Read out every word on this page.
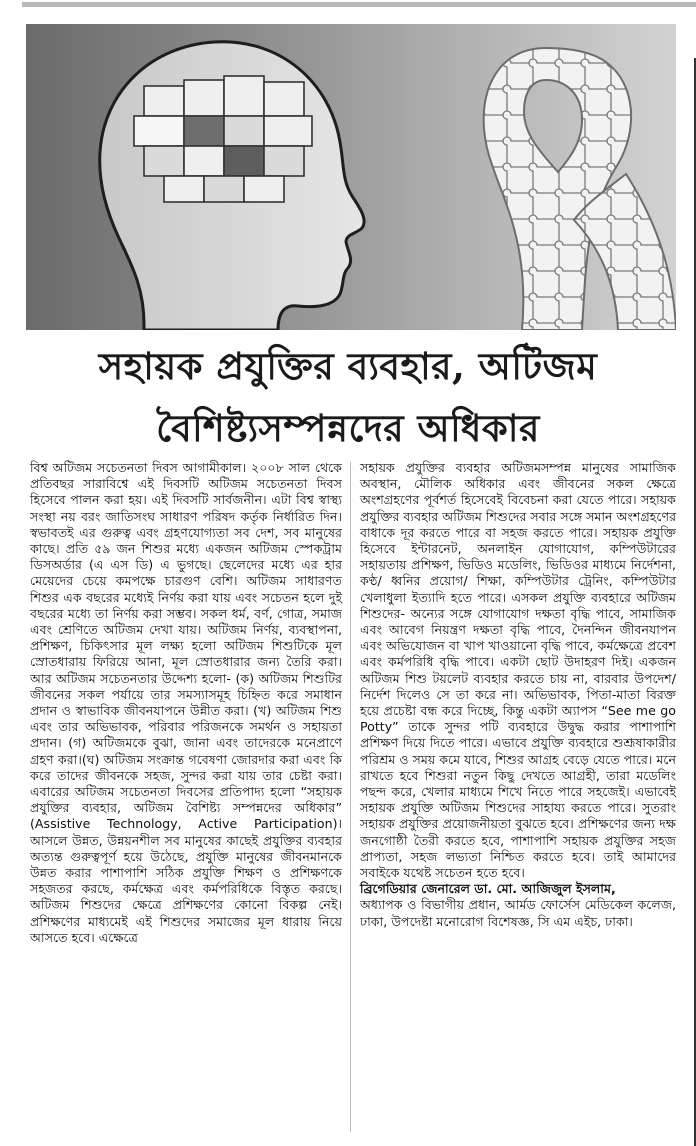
সহায়ক প্রযুক্তির ব্যবহার, অটিজম
বৈশিষ্ট্যসম্পন্নদের অধিকার

বিশ্ব অটিজম সচেতনতা দিবস আগামীকাল। ২০০৮ সাল থেকে প্রতিবছর সারাবিশ্বে এই দিবসটি অটিজম সচেতনতা দিবস হিসেবে পালন করা হয়। এই দিবসটি সার্বজনীন। এটা বিশ্ব স্বাস্থ্য সংস্থা নয় বরং জাতিসংঘ সাধারণ পরিষদ কর্তৃক নির্ধারিত দিন। স্বভাবতই এর গুরুত্ব এবং গ্রহণযোগ্যতা সব দেশ, সব মানুষের কাছে। প্রতি ৫৯ জন শিশুর মধ্যে একজন অটিজম স্পেকট্রাম ডিসঅর্ডার (এ এস ডি) এ ভুগছে। ছেলেদের মধ্যে এর হার মেয়েদের চেয়ে কমপক্ষে চারগুণ বেশি। অটিজম সাধারণত শিশুর এক বছরের মধ্যেই নির্ণয় করা যায় এবং সচেতন হলে দুই বছরের মধ্যে তা নির্ণয় করা সম্ভব। সকল ধর্ম, বর্ণ, গোত্র, সমাজ এবং শ্রেণিতে অটিজম দেখা যায়। অটিজম নির্ণয়, ব্যবস্থাপনা, প্রশিক্ষণ, চিকিৎসার মূল লক্ষ্য হলো অটিজম শিশুটিকে মূল স্রোতধারায় ফিরিয়ে আনা, মূল স্রোতধারার জন্য তৈরি করা। আর অটিজম সচেতনতার উদ্দেশ্য হলো- (ক) অটিজম শিশুটির জীবনের সকল পর্যায়ে তার সমস্যাসমূহ চিহ্নিত করে সমাধান প্রদান ও স্বাভাবিক জীবনযাপনে উন্নীত করা। (খ) অটিজম শিশু এবং তার অভিভাবক, পরিবার পরিজনকে সমর্থন ও সহায়তা প্রদান। (গ) অটিজমকে বুঝা, জানা এবং তাদেরকে মনেপ্রাণে গ্রহণ করা।(ঘ) অটিজম সংক্রান্ত গবেষণা জোরদার করা এবং কি করে তাদের জীবনকে সহজ, সুন্দর করা যায় তার চেষ্টা করা। এবারের অটিজম সচেতনতা দিবসের প্রতিপাদ্য হলো “সহায়ক প্রযুক্তির ব্যবহার, অটিজম বৈশিষ্ট্য সম্পন্নদের অধিকার” (Assistive Technology, Active Participation)। আসলে উন্নত, উন্নয়নশীল সব মানুষের কাছেই প্রযুক্তির ব্যবহার অত্যন্ত গুরুত্বপূর্ণ হয়ে উঠেছে, প্রযুক্তি মানুষের জীবনমানকে উন্নত করার পাশাপাশি সঠিক প্রযুক্তি শিক্ষণ ও প্রশিক্ষণকে সহজতর করছে, কর্মক্ষেত্র এবং কর্মপরিধিকে বিস্তৃত করছে। অটিজম শিশুদের ক্ষেত্রে প্রশিক্ষণের কোনো বিকল্প নেই। প্রশিক্ষণের মাধ্যমেই এই শিশুদের সমাজের মূল ধারায় নিয়ে আসতে হবে। এক্ষেত্রে

সহায়ক প্রযুক্তির ব্যবহার অটিজমসম্পন্ন মানুষের সামাজিক অবস্থান, মৌলিক অধিকার এবং জীবনের সকল ক্ষেত্রে অংশগ্রহণের পূর্বশর্ত হিসেবেই বিবেচনা করা যেতে পারে। সহায়ক প্রযুক্তির ব্যবহার অটিজম শিশুদের সবার সঙ্গে সমান অংশগ্রহণের বাধাকে দূর করতে পারে বা সহজ করতে পারে। সহায়ক প্রযুক্তি হিসেবে ইন্টারনেট, অনলাইন যোগাযোগ, কম্পিউটারের সহায়তায় প্রশিক্ষণ, ভিডিও মডেলিং, ভিডিওর মাধ্যমে নির্দেশনা, কণ্ঠ/ ধ্বনির প্রয়োগ/ শিক্ষা, কম্পিউটার ট্রেনিং, কম্পিউটার খেলাধুলা ইত্যাদি হতে পারে। এসকল প্রযুক্তি ব্যবহারে অটিজম শিশুদের- অন্যের সঙ্গে যোগাযোগ দক্ষতা বৃদ্ধি পাবে, সামাজিক এবং আবেগ নিয়ন্ত্রণ দক্ষতা বৃদ্ধি পাবে, দৈনন্দিন জীবনযাপন এবং অভিযোজন বা খাপ খাওয়ানো বৃদ্ধি পাবে, কর্মক্ষেত্রে প্রবেশ এবং কর্মপরিধি বৃদ্ধি পাবে। একটা ছোট উদাহরণ দিই। একজন অটিজম শিশু টয়লেট ব্যবহার করতে চায় না, বারবার উপদেশ/নির্দেশ দিলেও সে তা করে না। অভিভাবক, পিতা-মাতা বিরক্ত হয়ে প্রচেষ্টা বন্ধ করে দিচ্ছে, কিন্তু একটা অ্যাপস “See me go Potty” তাকে সুন্দর পটি ব্যবহারে উদ্বুদ্ধ করার পাশাপাশি প্রশিক্ষণ দিয়ে দিতে পারে। এভাবে প্রযুক্তি ব্যবহারে শুশ্রূষাকারীর পরিশ্রম ও সময় কমে যাবে, শিশুর আগ্রহ বেড়ে যেতে পারে। মনে রাখতে হবে শিশুরা নতুন কিছু দেখতে আগ্রহী, তারা মডেলিং পছন্দ করে, খেলার মাধ্যমে শিখে নিতে পারে সহজেই। এভাবেই সহায়ক প্রযুক্তি অটিজম শিশুদের সাহায্য করতে পারে। সুতরাং সহায়ক প্রযুক্তির প্রয়োজনীয়তা বুঝতে হবে। প্রশিক্ষণের জন্য দক্ষ জনগোষ্ঠী তৈরী করতে হবে, পাশাপাশি সহায়ক প্রযুক্তির সহজ প্রাপ্যতা, সহজ লভ্যতা নিশ্চিত করতে হবে। তাই আমাদের সবাইকে যথেষ্ট সচেতন হতে হবে।

ব্রিগেডিয়ার জেনারেল ডা. মো. আজিজুল ইসলাম,

অধ্যাপক ও বিভাগীয় প্রধান, আর্মড ফোর্সেস মেডিকেল কলেজ, ঢাকা, উপদেষ্টা মনোরোগ বিশেষজ্ঞ, সি এম এইচ, ঢাকা।
